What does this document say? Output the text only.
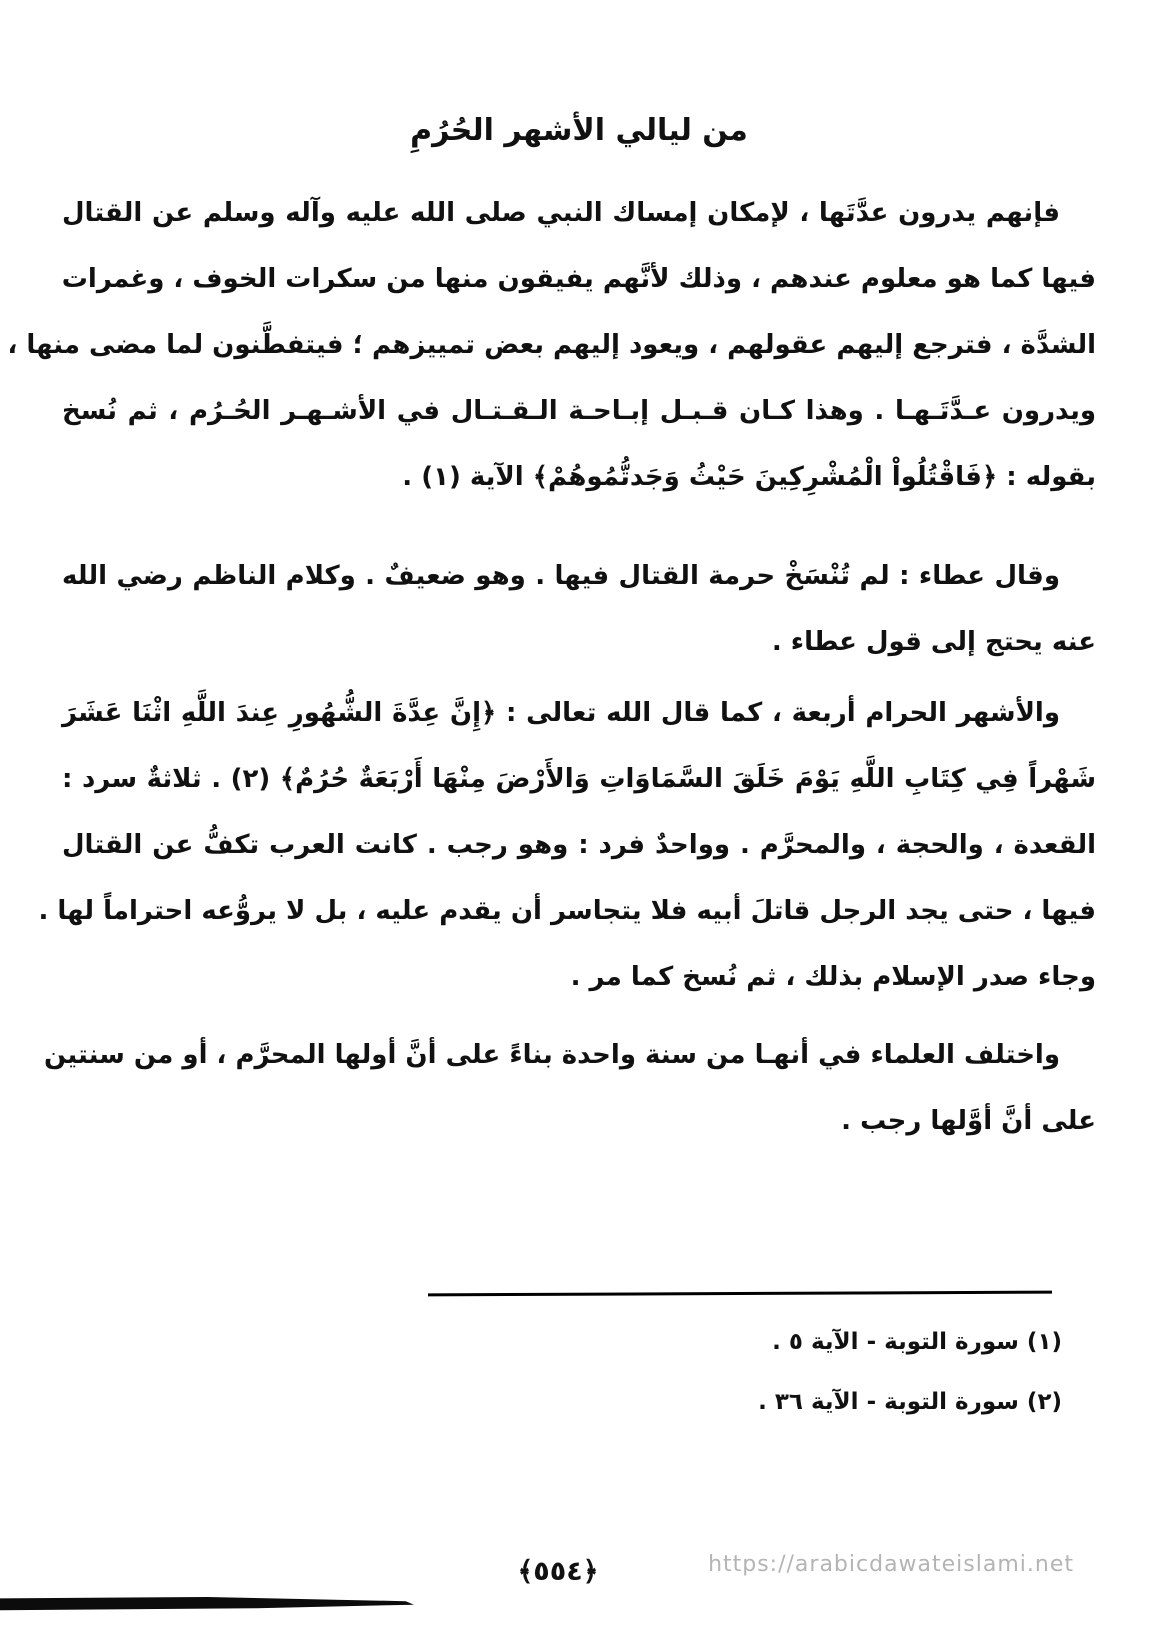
من ليالي الأشهر الحُرُمِ
فإنهم يدرون عدَّتَها ، لإمكان إمساك النبي صلى الله عليه وآله وسلم عن القتال
فيها كما هو معلوم عندهم ، وذلك لأنَّهم يفيقون منها من سكرات الخوف ، وغمرات
الشدَّة ، فترجع إليهم عقولهم ، ويعود إليهم بعض تمييزهم ؛ فيتفطَّنون لما مضى منها ،
ويدرون عـدَّتَـهـا . وهذا كـان قـبـل إبـاحـة الـقـتـال في الأشـهـر الحُـرُم ، ثم نُسخ
بقوله : ﴿فَاقْتُلُواْ الْمُشْرِكِينَ حَيْثُ وَجَدتُّمُوهُمْ﴾ الآية (١) .
وقال عطاء : لم تُنْسَخْ حرمة القتال فيها . وهو ضعيفٌ . وكلام الناظم رضي الله
عنه يحتج إلى قول عطاء .
والأشهر الحرام أربعة ، كما قال الله تعالى : ﴿إِنَّ عِدَّةَ الشُّهُورِ عِندَ اللَّهِ اثْنَا عَشَرَ
شَهْراً فِي كِتَابِ اللَّهِ يَوْمَ خَلَقَ السَّمَاوَاتِ وَالأَرْضَ مِنْهَا أَرْبَعَةٌ حُرُمٌ﴾ (٢) . ثلاثةٌ سرد :
القعدة ، والحجة ، والمحرَّم . وواحدٌ فرد : وهو رجب . كانت العرب تكفُّ عن القتال
فيها ، حتى يجد الرجل قاتلَ أبيه فلا يتجاسر أن يقدم عليه ، بل لا يروُّعه احتراماً لها .
وجاء صدر الإسلام بذلك ، ثم نُسخ كما مر .
واختلف العلماء في أنهـا من سنة واحدة بناءً على أنَّ أولها المحرَّم ، أو من سنتين
على أنَّ أوَّلها رجب .
(١) سورة التوبة - الآية ٥ .
(٢) سورة التوبة - الآية ٣٦ .
﴿٥٥٤﴾	https://arabicdawateislami.net
